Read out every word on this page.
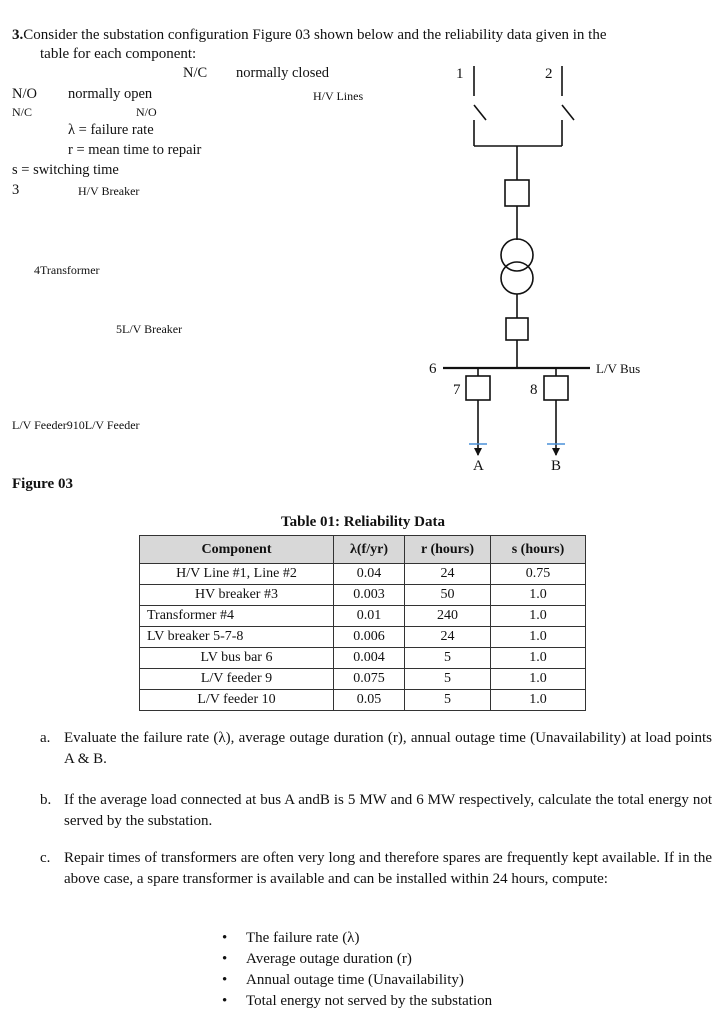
3.Consider the substation configuration Figure 03 shown below and the reliability data given in the
table for each component:
N/C normally closed
N/O normally open	H/V Lines
N/C	N/O
λ = failure rate
r = mean time to repair
s = switching time
3	H/V Breaker
4Transformer
5L/V Breaker
L/V Feeder910L/V Feeder
1	2
6
7	8
L/V Bus
A	B
Figure 03
Table 01: Reliability Data
Component	λ(f/yr)	r (hours)	s (hours)
H/V Line #1, Line #2	0.04	24	0.75
HV breaker #3	0.003	50	1.0
Transformer #4	0.01	240	1.0
LV breaker 5-7-8	0.006	24	1.0
LV bus bar 6	0.004	5	1.0
L/V feeder 9	0.075	5	1.0
L/V feeder 10	0.05	5	1.0
a. Evaluate the failure rate (λ), average outage duration (r), annual outage time (Unavailability) at load points A & B.
b. If the average load connected at bus A andB is 5 MW and 6 MW respectively, calculate the total energy not served by the substation.
c. Repair times of transformers are often very long and therefore spares are frequently kept available. If in the above case, a spare transformer is available and can be installed within 24 hours, compute:
• The failure rate (λ)
• Average outage duration (r)
• Annual outage time (Unavailability)
• Total energy not served by the substation
